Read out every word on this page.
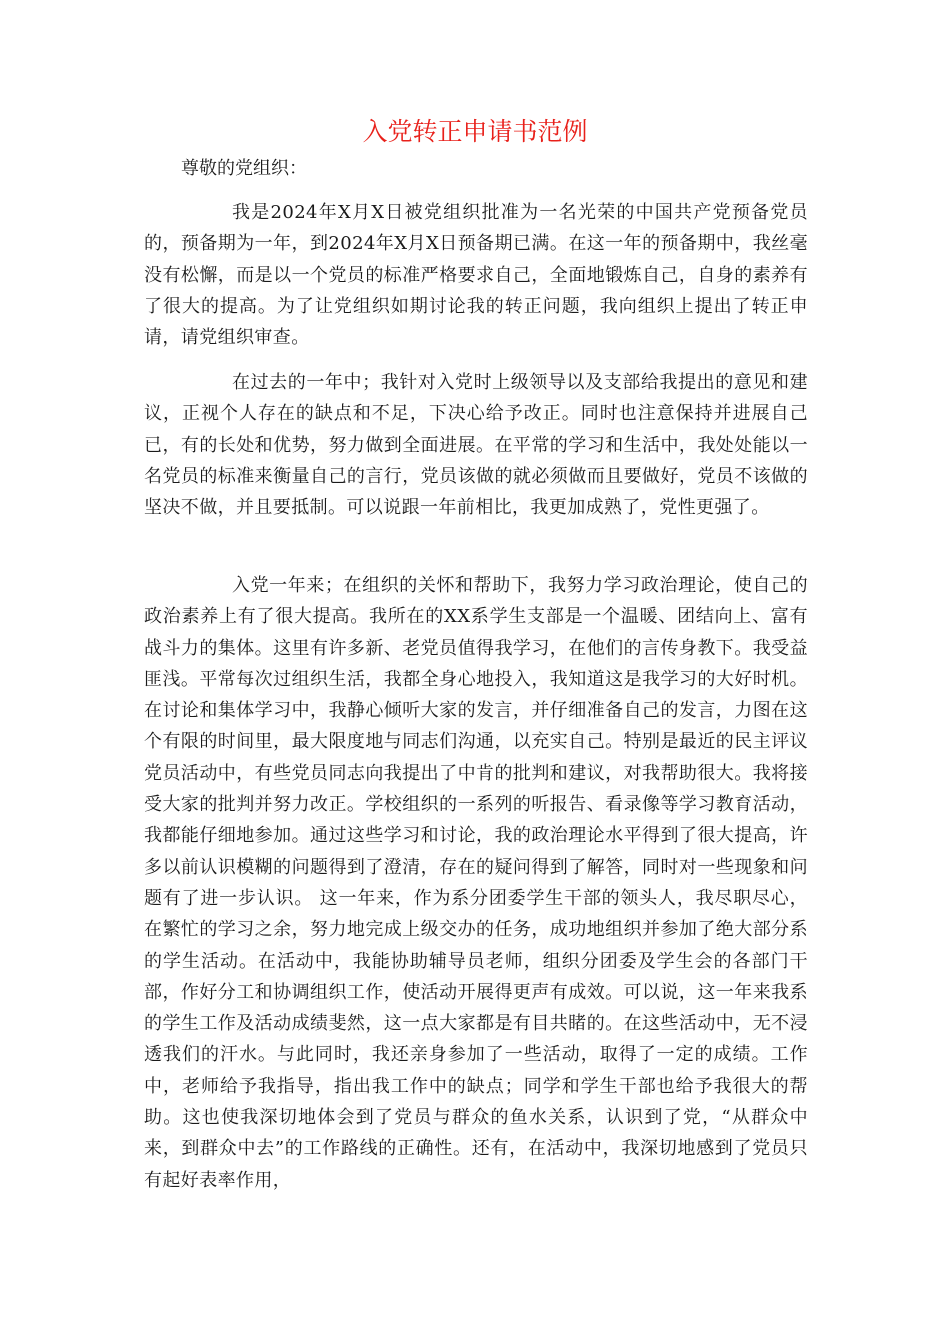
入党转正申请书范例
尊敬的党组织：

我是2024年X月X日被党组织批准为一名光荣的中国共产党预备党员的，预备期为一年，到2024年X月X日预备期已满。在这一年的预备期中，我丝毫没有松懈，而是以一个党员的标准严格要求自己，全面地锻炼自己，自身的素养有了很大的提高。为了让党组织如期讨论我的转正问题，我向组织上提出了转正申请，请党组织审查。

在过去的一年中；我针对入党时上级领导以及支部给我提出的意见和建议，正视个人存在的缺点和不足，下决心给予改正。同时也注意保持并进展自己已，有的长处和优势，努力做到全面进展。在平常的学习和生活中，我处处能以一名党员的标准来衡量自己的言行，党员该做的就必须做而且要做好，党员不该做的坚决不做，并且要抵制。可以说跟一年前相比，我更加成熟了，党性更强了。

入党一年来；在组织的关怀和帮助下，我努力学习政治理论，使自己的政治素养上有了很大提高。我所在的XX系学生支部是一个温暖、团结向上、富有战斗力的集体。这里有许多新、老党员值得我学习，在他们的言传身教下。我受益匪浅。平常每次过组织生活，我都全身心地投入，我知道这是我学习的大好时机。在讨论和集体学习中，我静心倾听大家的发言，并仔细准备自己的发言，力图在这个有限的时间里，最大限度地与同志们沟通，以充实自己。特别是最近的民主评议党员活动中，有些党员同志向我提出了中肯的批判和建议，对我帮助很大。我将接受大家的批判并努力改正。学校组织的一系列的听报告、看录像等学习教育活动，我都能仔细地参加。通过这些学习和讨论，我的政治理论水平得到了很大提高，许多以前认识模糊的问题得到了澄清，存在的疑问得到了解答，同时对一些现象和问题有了进一步认识。 这一年来，作为系分团委学生干部的领头人，我尽职尽心，在繁忙的学习之余，努力地完成上级交办的任务，成功地组织并参加了绝大部分系的学生活动。在活动中，我能协助辅导员老师，组织分团委及学生会的各部门干部，作好分工和协调组织工作，使活动开展得更声有成效。可以说，这一年来我系的学生工作及活动成绩斐然，这一点大家都是有目共睹的。在这些活动中，无不浸透我们的汗水。与此同时，我还亲身参加了一些活动，取得了一定的成绩。工作中，老师给予我指导，指出我工作中的缺点；同学和学生干部也给予我很大的帮助。这也使我深切地体会到了党员与群众的鱼水关系，认识到了党，“从群众中来，到群众中去”的工作路线的正确性。还有，在活动中，我深切地感到了党员只有起好表率作用，
